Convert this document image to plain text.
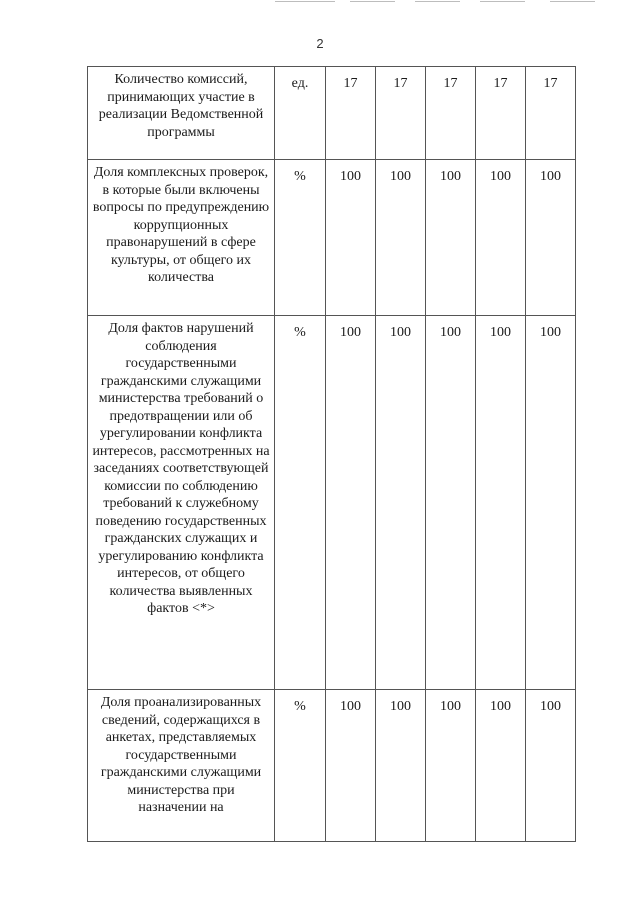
2
Количество комиссий, принимающих участие в реализации Ведомственной программы	ед.	17	17	17	17	17
Доля комплексных проверок, в которые были включены вопросы по предупреждению коррупционных правонарушений в сфере культуры, от общего их количества	%	100	100	100	100	100
Доля фактов нарушений соблюдения государственными гражданскими служащими министерства требований о предотвращении или об урегулировании конфликта интересов, рассмотренных на заседаниях соответствующей комиссии по соблюдению требований к служебному поведению государственных гражданских служащих и урегулированию конфликта интересов, от общего количества выявленных фактов <*>	%	100	100	100	100	100
Доля проанализированных сведений, содержащихся в анкетах, представляемых государственными гражданскими служащими министерства при назначении на	%	100	100	100	100	100
